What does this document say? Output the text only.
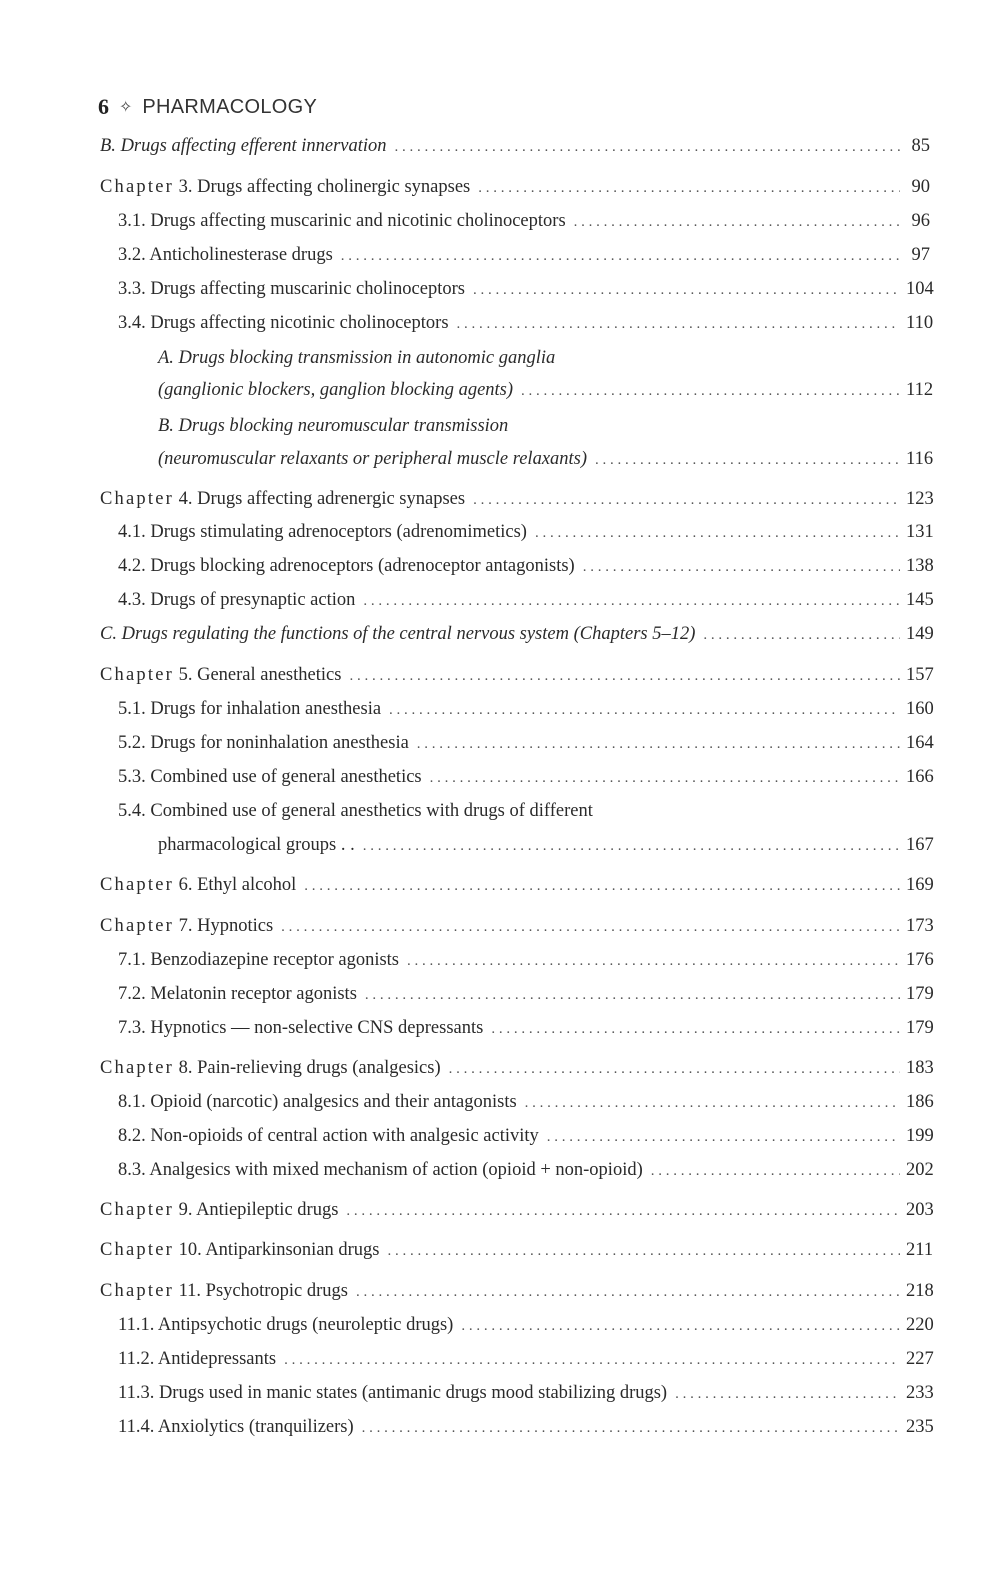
6 ✧ PHARMACOLOGY
B. Drugs affecting efferent innervation . . .	85
Chapter 3. Drugs affecting cholinergic synapses . . .	90
3.1. Drugs affecting muscarinic and nicotinic cholinoceptors . . .	96
3.2. Anticholinesterase drugs . . .	97
3.3. Drugs affecting muscarinic cholinoceptors . . .	104
3.4. Drugs affecting nicotinic cholinoceptors . . .	110
A. Drugs blocking transmission in autonomic ganglia
(ganglionic blockers, ganglion blocking agents) . . .	112
B. Drugs blocking neuromuscular transmission
(neuromuscular relaxants or peripheral muscle relaxants) . . .	116
Chapter 4. Drugs affecting adrenergic synapses . . .	123
4.1. Drugs stimulating adrenoceptors (adrenomimetics) . . .	131
4.2. Drugs blocking adrenoceptors (adrenoceptor antagonists) . . .	138
4.3. Drugs of presynaptic action . . .	145
C. Drugs regulating the functions of the central nervous system (Chapters 5–12) . . .	149
Chapter 5. General anesthetics . . .	157
5.1. Drugs for inhalation anesthesia . . .	160
5.2. Drugs for noninhalation anesthesia . . .	164
5.3. Combined use of general anesthetics . . .	166
5.4. Combined use of general anesthetics with drugs of different
pharmacological groups . . . . .	167
Chapter 6. Ethyl alcohol . . .	169
Chapter 7. Hypnotics . . .	173
7.1. Benzodiazepine receptor agonists . . .	176
7.2. Melatonin receptor agonists . . .	179
7.3. Hypnotics — non-selective CNS depressants . . .	179
Chapter 8. Pain-relieving drugs (analgesics) . . .	183
8.1. Opioid (narcotic) analgesics and their antagonists . . .	186
8.2. Non-opioids of central action with analgesic activity . . .	199
8.3. Analgesics with mixed mechanism of action (opioid + non-opioid) . . .	202
Chapter 9. Antiepileptic drugs . . .	203
Chapter 10. Antiparkinsonian drugs . . .	211
Chapter 11. Psychotropic drugs . . .	218
11.1. Antipsychotic drugs (neuroleptic drugs) . . .	220
11.2. Antidepressants . . .	227
11.3. Drugs used in manic states (antimanic drugs mood stabilizing drugs) . . .	233
11.4. Anxiolytics (tranquilizers) . . .	235
